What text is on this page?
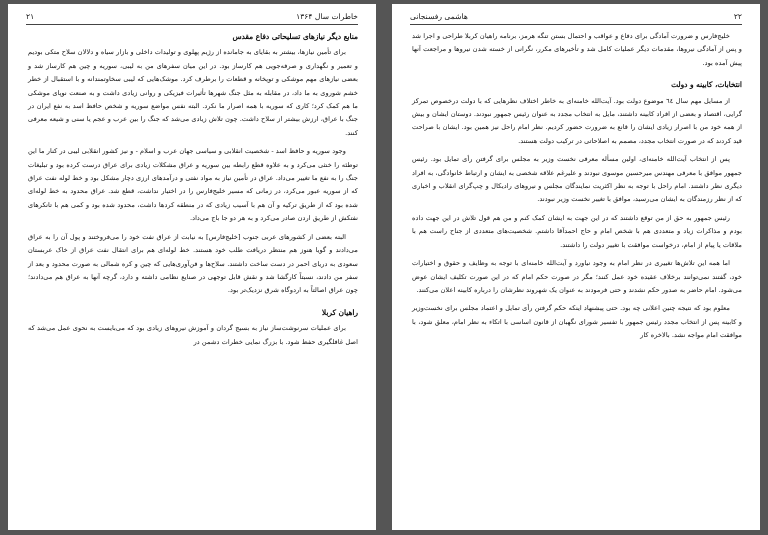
۲۱	خاطرات سال ۱۳۶۴
منابع دیگر نیازهای تسلیحاتی دفاع مقدس

برای تأمین نیازها، بیشتر به بقایای به جامانده از رژیم پهلوی و تولیدات داخلی و بازار سیاه و دلالان سلاح متکی بودیم و تعمیر و نگهداری و صرفه‌جویی هم کارساز بود. در این میان سفرهای من به لیبی، سوریه و چین هم کارساز شد و بعضی نیازهای مهم موشکی و توپخانه و قطعات را برطرف کرد. موشک‌هایی که لیبی سخاوتمندانه و با استقبال از خطر خشم شوروی به ما داد، در مقابله به مثل جنگ شهرها تأثیرات فیزیکی و روانی زیادی داشت و به صنعت نوپای موشکی ما هم کمک کرد؛ کاری که سوریه با همه اصرار ما نکرد. البته نفس مواضع سوریه و شخص حافظ اسد به نفع ایران در جنگ با عراق، ارزش بیشتر از سلاح داشت. چون تلاش زیادی می‌شد که جنگ را بین عرب و عجم یا سنی و شیعه معرفی کنند.

وجود سوریه و حافظ اسد - شخصیت انقلابی و سیاسی جهان عرب و اسلام - و نیز کشور انقلابی لیبی در کنار ما این توطئه را خنثی می‌کرد و به علاوه قطع رابطه بین سوریه و عراق مشکلات زیادی برای عراق درست کرده بود و تبلیغات جنگ را به نفع ما تغییر می‌داد. عراق در تأمین نیاز به مواد نفتی و درآمدهای ارزی دچار مشکل بود و خط لوله نفت عراق که از سوریه عبور می‌کرد، در زمانی که مسیر خلیج‌فارس را در اختیار نداشت، قطع شد. عراق محدود به خط لوله‌ای شده بود که از طریق ترکیه و آن هم با آسیب زیادی که در منطقه کردها داشت، محدود شده بود و کمی هم با تانکرهای نفتکش از طریق اردن صادر می‌کرد و به هر دو جا باج می‌داد.

البته بعضی از کشورهای عربی جنوب [خلیج‌فارس] به نیابت از عراق نفت خود را می‌فروختند و پول آن را به عراق می‌دادند و گویا هنوز هم منتظر دریافت طلب خود هستند. خط لوله‌ای هم برای انتقال نفت عراق از خاک عربستان سعودی به دریای احمر در دست ساخت داشتند. سلاح‌ها و فن‌آوری‌هایی که چین و کره شمالی به صورت محدود و بعد از سفر من دادند، نسبتاً کارگشا شد و نقش قابل توجهی در صنایع نظامی داشته و دارد، گرچه آنها به عراق هم می‌دادند؛ چون عراق اصالتاً به اردوگاه شرق نزدیک‌تر بود.

راهیان کربلا

برای عملیات سرنوشت‌ساز نیاز به بسیج گردان و آموزش نیروهای زیادی بود که می‌بایست به نحوی عمل می‌شد که اصل غافلگیری حفظ شود. با بزرگ نمایی خطرات دشمن در

هاشمی رفسنجانی	۲۲

خلیج‌فارس و ضرورت آمادگی برای دفاع و عواقب و احتمال بستن تنگه هرمز، برنامه راهیان کربلا طراحی و اجرا شد و پس از آمادگی نیروها، مقدمات دیگر عملیات کامل شد و تأخیرهای مکرر، نگرانی از خسته شدن نیروها و مراجعت آنها پیش آمده بود.

انتخابات، کابینه و دولت

از مسایل مهم سال ٦٤ موضوع دولت بود. آیت‌الله خامنه‌ای به خاطر اختلاف نظرهایی که با دولت درخصوص تمرکز گرایی، اقتصاد و بعضی از افراد کابینه داشتند، مایل به انتخاب مجدد به عنوان رئیس جمهور نبودند. دوستان ایشان و بیش از همه خود من با اصرار زیادی ایشان را قانع به ضرورت حضور کردیم. نظر امام راحل نیز همین بود. ایشان با صراحت قید کردند که در صورت انتخاب مجدد، مصمم به اصلاحاتی در ترکیب دولت هستند.

پس از انتخاب آیت‌الله خامنه‌ای، اولین مسأله معرفی نخست وزیر به مجلس برای گرفتن رأی تمایل بود. رئیس جمهور موافق با معرفی مهندس میرحسین موسوی نبودند و علیرغم علاقه شخصی به ایشان و ارتباط خانوادگی، به افراد دیگری نظر داشتند. امام راحل با توجه به نظر اکثریت نمایندگان مجلس و نیروهای رادیکال و چپ‌گرای انقلاب و اخباری که از نظر رزمندگان به ایشان می‌رسید، موافق با تغییر نخست وزیر نبودند.

رئیس جمهور به حق از من توقع داشتند که در این جهت به ایشان کمک کنم و من هم قول تلاش در این جهت داده بودم و مذاکرات زیاد و متعددی هم با شخص امام و حاج احمدآقا داشتم. شخصیت‌های متعددی از جناح راست هم با ملاقات یا پیام از امام، درخواست موافقت با تغییر دولت را داشتند.

اما همه این تلاش‌ها تغییری در نظر امام به وجود نیاورد و آیت‌الله خامنه‌ای با توجه به وظایف و حقوق و اختیارات خود، گفتند نمی‌توانند برخلاف عقیده خود عمل کنند؛ مگر در صورت حکم امام که در این صورت تکلیف ایشان عوض می‌شود. امام حاضر به صدور حکم نشدند و حتی فرمودند به عنوان یک شهروند نظرشان را درباره کابینه اعلان می‌کنند.

معلوم بود که نتیجه چنین اعلانی چه بود. حتی پیشنهاد اینکه حکم گرفتن رأی تمایل و اعتماد مجلس برای نخست‌وزیر و کابینه پس از انتخاب مجدد رئیس جمهور با تفسیر شورای نگهبان از قانون اساسی با اتکاء به نظر امام، معلق شود، با موافقت امام مواجه نشد. بالاخره کار
